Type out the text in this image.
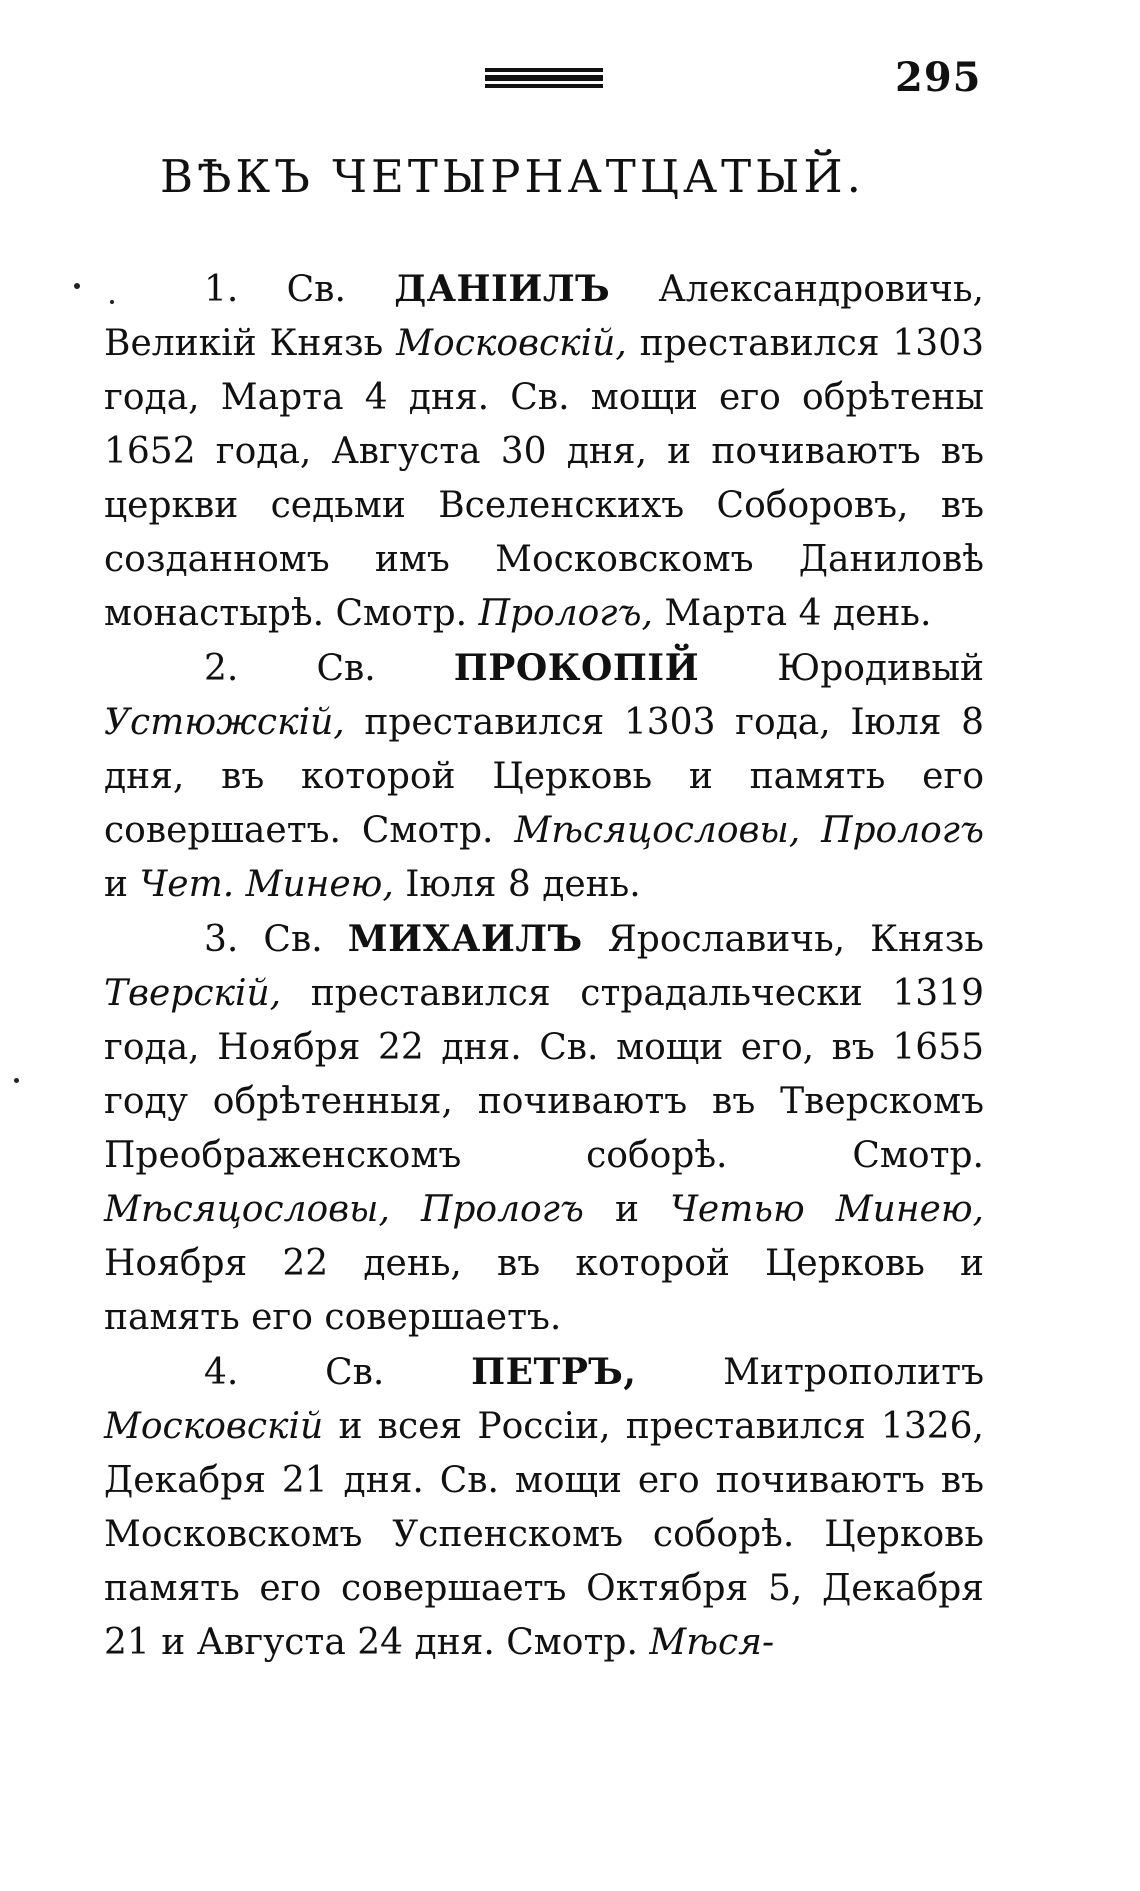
295
ВѢКЪ ЧЕТЫРНАТЦАТЫЙ.

1. Св. ДАНІИЛЪ Александровичь, Великій Князь Московскій, преставился 1303 года, Марта 4 дня. Св. мощи его обрѣтены 1652 года, Августа 30 дня, и почиваютъ въ церкви седьми Вселенскихъ Соборовъ, въ созданномъ имъ Московскомъ Даниловѣ монастырѣ. Смотр. Прологъ, Марта 4 день.

2. Св. ПРОКОПІЙ Юродивый Устюжскій, преставился 1303 года, Іюля 8 дня, въ которой Церковь и память его совершаетъ. Смотр. Мѣсяцословы, Прологъ и Чет. Минею, Іюля 8 день.

3. Св. МИХАИЛЪ Ярославичь, Князь Тверскій, преставился страдальчески 1319 года, Ноября 22 дня. Св. мощи его, въ 1655 году обрѣтенныя, почиваютъ въ Тверскомъ Преображенскомъ соборѣ. Смотр. Мѣсяцословы, Прологъ и Четью Минею, Ноября 22 день, въ которой Церковь и память его совершаетъ.

4. Св. ПЕТРЪ, Митрополитъ Московскій и всея Россіи, преставился 1326, Декабря 21 дня. Св. мощи его почиваютъ въ Московскомъ Успенскомъ соборѣ. Церковь память его совершаетъ Октября 5, Декабря 21 и Августа 24 дня. Смотр. Мѣся-
